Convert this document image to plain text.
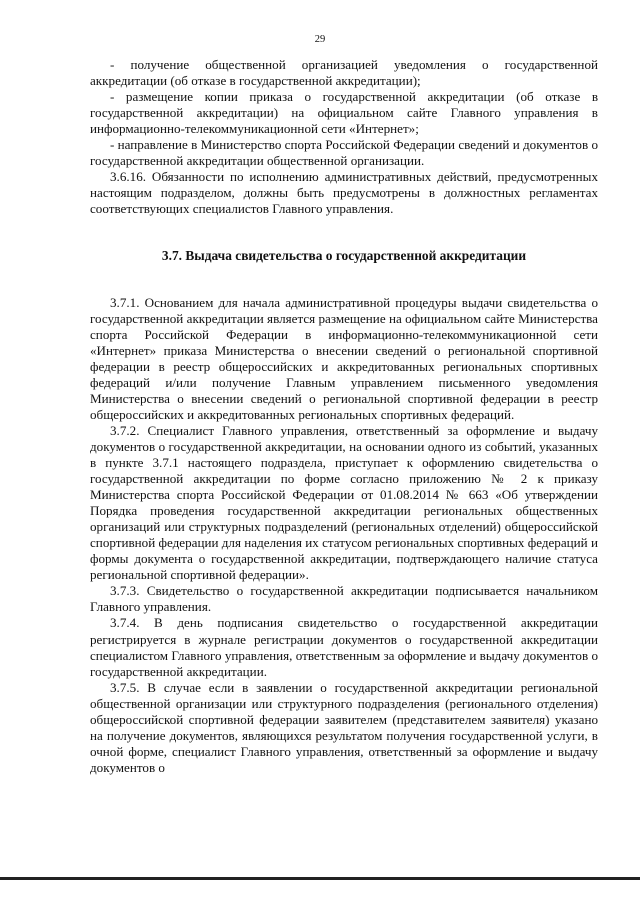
29

- получение общественной организацией уведомления о государственной аккредитации (об отказе в государственной аккредитации);

- размещение копии приказа о государственной аккредитации (об отказе в государственной аккредитации) на официальном сайте Главного управления в информационно-телекоммуникационной сети «Интернет»;

- направление в Министерство спорта Российской Федерации сведений и документов о государственной аккредитации общественной организации.

3.6.16. Обязанности по исполнению административных действий, предусмотренных настоящим подразделом, должны быть предусмотрены в должностных регламентах соответствующих специалистов Главного управления.

3.7. Выдача свидетельства о государственной аккредитации

3.7.1. Основанием для начала административной процедуры выдачи свидетельства о государственной аккредитации является размещение на официальном сайте Министерства спорта Российской Федерации в информационно-телекоммуникационной сети «Интернет» приказа Министерства о внесении сведений о региональной спортивной федерации в реестр общероссийских и аккредитованных региональных спортивных федераций и/или получение Главным управлением письменного уведомления Министерства о внесении сведений о региональной спортивной федерации в реестр общероссийских и аккредитованных региональных спортивных федераций.

3.7.2. Специалист Главного управления, ответственный за оформление и выдачу документов о государственной аккредитации, на основании одного из событий, указанных в пункте 3.7.1 настоящего подраздела, приступает к оформлению свидетельства о государственной аккредитации по форме согласно приложению № 2 к приказу Министерства спорта Российской Федерации от 01.08.2014 № 663 «Об утверждении Порядка проведения государственной аккредитации региональных общественных организаций или структурных подразделений (региональных отделений) общероссийской спортивной федерации для наделения их статусом региональных спортивных федераций и формы документа о государственной аккредитации, подтверждающего наличие статуса региональной спортивной федерации».

3.7.3. Свидетельство о государственной аккредитации подписывается начальником Главного управления.

3.7.4. В день подписания свидетельство о государственной аккредитации регистрируется в журнале регистрации документов о государственной аккредитации специалистом Главного управления, ответственным за оформление и выдачу документов о государственной аккредитации.

3.7.5. В случае если в заявлении о государственной аккредитации региональной общественной организации или структурного подразделения (регионального отделения) общероссийской спортивной федерации заявителем (представителем заявителя) указано на получение документов, являющихся результатом получения государственной услуги, в очной форме, специалист Главного управления, ответственный за оформление и выдачу документов о
